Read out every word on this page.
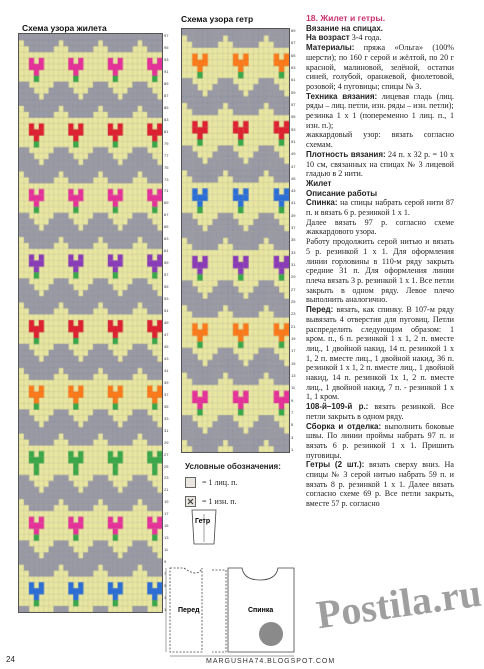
Схема узора жилета
Схема узора гетр
97
95
93
91
89
87
85
83
81
79
77
75
73
71
69
67
65
63
61
59
57
55
53
51
49
47
45
43
41
39
37
35
33
31
29
27
25
23
21
19
17
15
13
11
9
7
5
3
1
69
67
65
63
61
59
57
55
53
51
49
47
45
43
41
39
37
35
33
31
29
27
25
23
21
19
17
15
13
11
9
7
5
3
1
Условные обозначения:
= 1 лиц. п.
= 1 изн. п.
Гетр
Перед	Спинка
18. Жилет и гетры.
Вязание на спицах.

На возраст 3-4 года.

Материалы: пряжа «Ольга» (100% шерсти); по 160 г серой и жёлтой, по 20 г красной, малиновой, зелёной, остатки синей, голубой, оранжевой, фиолетовой, розовой; 4 пуговицы; спицы № 3.

Техника вязания: лицевая гладь (лиц. ряды – лиц. петли, изн. ряды – изн. петли);

резинка 1 х 1 (попеременно 1 лиц. п., 1 изн. п.);

жаккардовый узор: вязать согласно схемам.

Плотность вязания: 24 п. х 32 р. = 10 х 10 см, связанных на спицах № 3 лицевой гладью в 2 нити.

Жилет

Описание работы

Спинка: на спицы набрать серой нити 87 п. и вязать 6 р. резинкой 1 х 1.

Далее вязать 97 р. согласно схеме жаккардового узора.

Работу продолжить серой нитью и вязать 5 р. резинкой 1 х 1. Для оформления линии горловины в 110-м ряду закрыть средние 31 п. Для оформления линии плеча вязать 3 р. резинкой 1 х 1. Все петли закрыть в одном ряду. Левое плечо выполнить аналогично.

Перед: вязать, как спинку. В 107-м ряду вывязать 4 отверстия для пуговиц. Петли распределить следующим образом: 1 кром. п., 6 п. резинкой 1 х 1, 2 п. вместе лиц., 1 двойной накид, 14 п. резинкой 1 х 1, 2 п. вместе лиц., 1 двойной накид, 36 п. резинкой 1 х 1, 2 п. вместе лиц., 1 двойной накид, 14 п. резинкой 1х 1, 2 п. вместе лиц., 1 двойной накид, 7 п. - резинкой 1 х 1, 1 кром.

108-й–109-й р.: вязать резинкой. Все петли закрыть в одном ряду.

Сборка и отделка: выполнить боковые швы. По линии проймы набрать 97 п. и вязать 6 р. резинкой 1 х 1. Пришить пуговицы.

Гетры (2 шт.): вязать сверху вниз. На спицы № 3 серой нитью набрать 59 п. и вязать 8 р. резинкой 1 х 1. Далее вязать согласно схеме 69 р. Все петли закрыть, вместе 57 р. согласно

Postila.ru
24	MARGUSHA74.BLOGSPOT.COM
